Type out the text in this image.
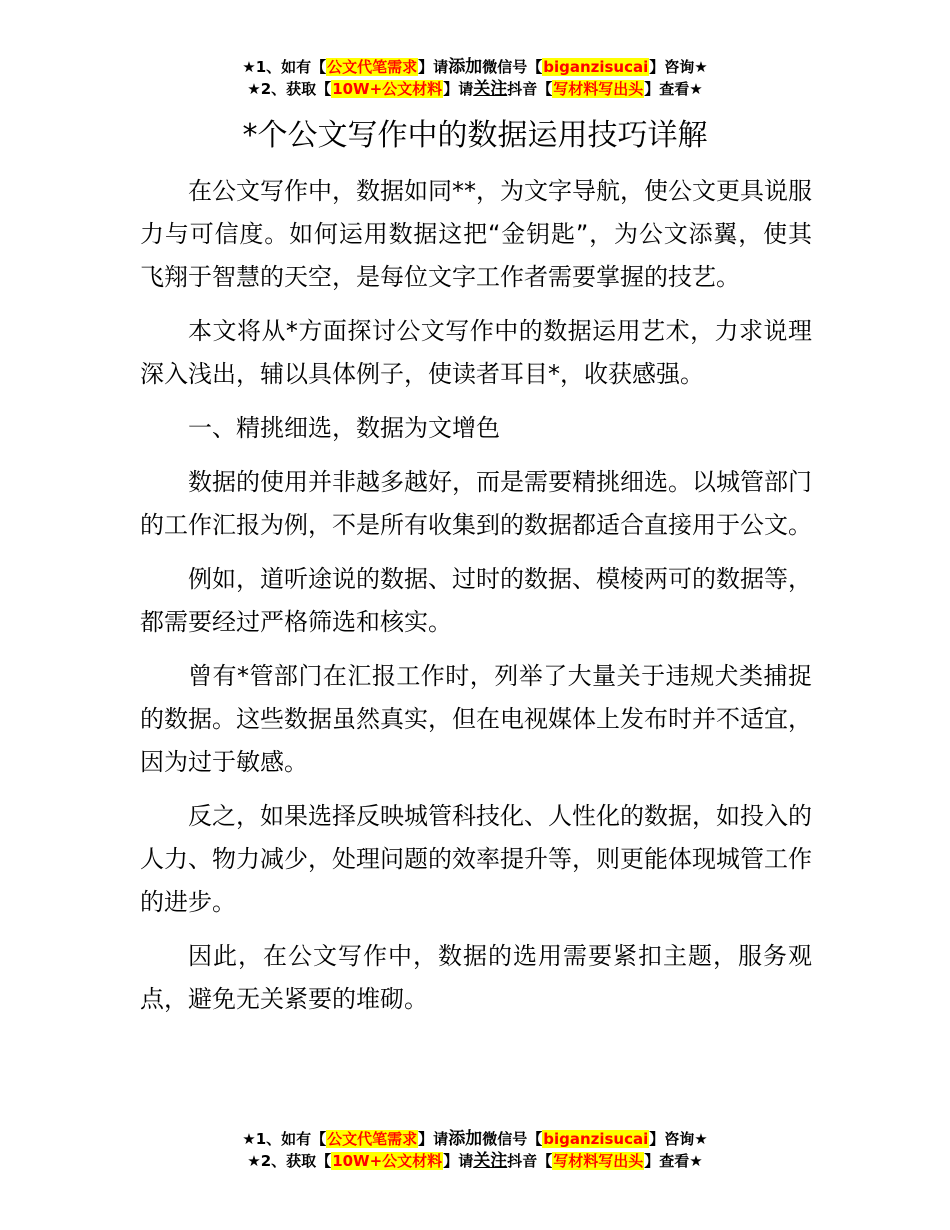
★1、如有【公文代笔需求】请添加微信号【biganzisucai】咨询★
★2、获取【10W+公文材料】请关注抖音【写材料写出头】查看★
*个公文写作中的数据运用技巧详解

在公文写作中，数据如同**，为文字导航，使公文更具说服力与可信度。如何运用数据这把“金钥匙”，为公文添翼，使其飞翔于智慧的天空，是每位文字工作者需要掌握的技艺。

本文将从*方面探讨公文写作中的数据运用艺术，力求说理深入浅出，辅以具体例子，使读者耳目*，收获感强。

一、精挑细选，数据为文增色

数据的使用并非越多越好，而是需要精挑细选。以城管部门的工作汇报为例，不是所有收集到的数据都适合直接用于公文。

例如，道听途说的数据、过时的数据、模棱两可的数据等，都需要经过严格筛选和核实。

曾有*管部门在汇报工作时，列举了大量关于违规犬类捕捉的数据。这些数据虽然真实，但在电视媒体上发布时并不适宜，因为过于敏感。

反之，如果选择反映城管科技化、人性化的数据，如投入的人力、物力减少，处理问题的效率提升等，则更能体现城管工作的进步。

因此，在公文写作中，数据的选用需要紧扣主题，服务观点，避免无关紧要的堆砌。

★1、如有【公文代笔需求】请添加微信号【biganzisucai】咨询★
★2、获取【10W+公文材料】请关注抖音【写材料写出头】查看★
